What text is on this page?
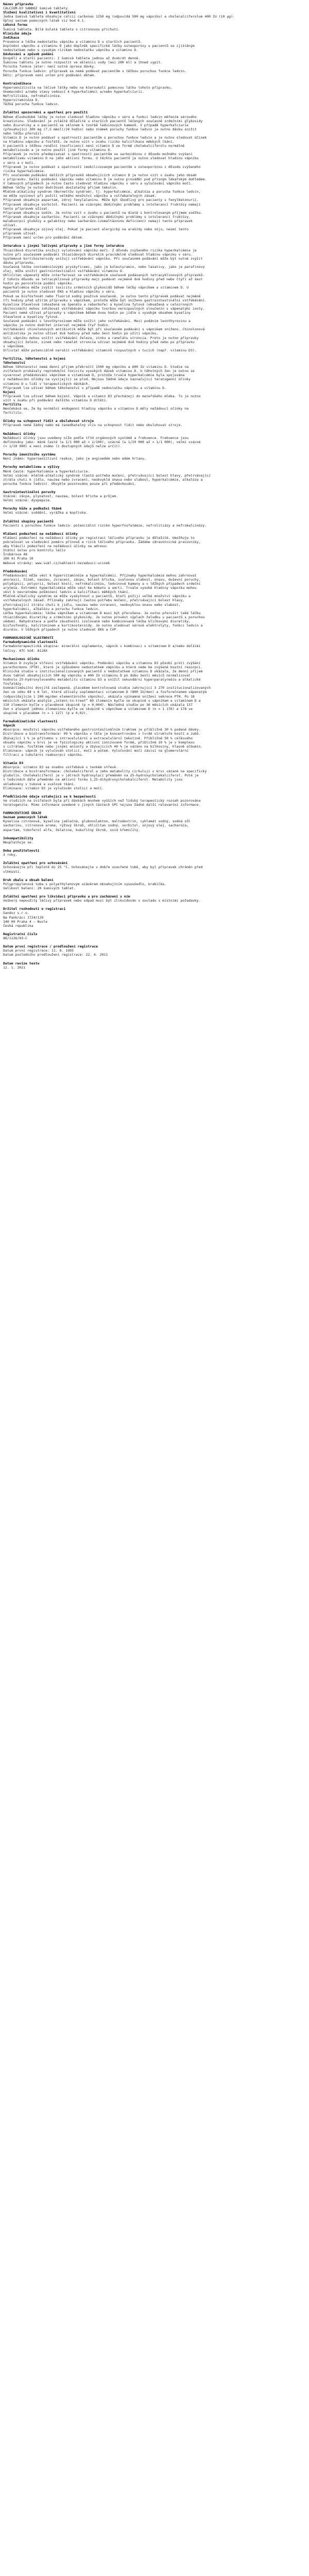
Název přípravku
CALCIUM-D3 SANDOZ šumivé tablety
Složení kvalitativní i kvantitativní
Jedna šumivá tableta obsahuje calcii carbonas 1250 mg (odpovídá 500 mg vápníku) a cholecalciferolum 400 IU (10 µg).
Úplný seznam pomocných látek viz bod 6.1.
Léková forma
Šumivá tableta. Bílá kulatá tableta s citronovou příchutí.
Klinické údaje
Indikace
Prevence a léčba nedostatku vápníku a vitaminu D u starších pacientů.
Doplnění vápníku a vitaminu D jako doplněk specifické léčby osteoporózy u pacientů se zjištěným
nedostatkem nebo s vysokým rizikem nedostatku vápníku a vitaminu D.
Dávkování a způsob podání
Dospělí a starší pacienti: 1 šumivá tableta jednou až dvakrát denně.
Šumivou tabletu je nutno rozpustit ve sklenici vody (asi 200 ml) a ihned vypít.
Porucha funkce jater: není nutná úprava dávky.
Porucha funkce ledvin: přípravek se nemá podávat pacientům s těžkou poruchou funkce ledvin.
Děti: přípravek není určen pro podávání dětem.
Kontraindikace
Hypersenzitivita na léčivé látky nebo na kteroukoli pomocnou látku tohoto přípravku.
Onemocnění a/nebo stavy vedoucí k hyperkalcémii a/nebo hyperkalciurii.
Nefrolitiáza, nefrokalcinóza.
Hypervitaminóza D.
Těžká porucha funkce ledvin.
Zvláštní upozornění a opatření pro použití
Během dlouhodobé léčby je nutno sledovat hladinu vápníku v séru a funkci ledvin měřením sérového
kreatininu. Sledování je zvláště důležité u starších pacientů léčených současně srdečními glykosidy
nebo diuretiky a u pacientů se sklonem k tvorbě ledvinových kamenů. V případě hyperkalciurie
(přesahující 300 mg (7,5 mmol)/24 hodin) nebo známek poruchy funkce ledvin je nutno dávku snížit
nebo léčbu přerušit.
Vitamin D je nutno podávat s opatrností pacientům s poruchou funkce ledvin a je nutno sledovat účinek
na hladinu vápníku a fosfátů. Je nutno vzít v úvahu riziko kalcifikace měkkých tkání.
U pacientů s těžkou renální insuficiencí není vitamin D ve formě cholekalciferolu normálně
metabolizován a je nutno použít jiné formy vitaminu D.
Přípravek je nutno předepisovat s opatrností pacientům se sarkoidózou z důvodu možného zvýšení
metabolismu vitaminu D na jeho aktivní formu. U těchto pacientů je nutno sledovat hladinu vápníku
v séru a v moči.
Přípravek je nutno podávat s opatrností imobilizovaným pacientům s osteoporózou z důvodu zvýšeného
rizika hyperkalcémie.
Při současném podávání dalších přípravků obsahujících vitamin D je nutno vzít v úvahu jeho obsah
v přípravku. Další podávání vápníku nebo vitaminu D je nutno provádět pod přísným lékařským dohledem.
V takových případech je nutno často sledovat hladinu vápníku v séru a vylučování vápníku močí.
Během léčby je nutno dodržovat dostatečný příjem tekutin.
Mléčně-alkalický syndrom (Burnettův syndrom), tj. hyperkalcémie, alkalóza a porucha funkce ledvin,
se může vyvinout při požití velkého množství vápníku a vstřebatelných zásad.
Přípravek obsahuje aspartam, zdroj fenylalaninu. Může být škodlivý pro pacienty s fenylketonurií.
Přípravek obsahuje sorbitol. Pacienti se vzácnými dědičnými problémy s intolerancí fruktózy nemají
tento přípravek užívat.
Přípravek obsahuje sodík. Je nutno vzít v úvahu u pacientů na dietě s kontrolovaným příjmem sodíku.
Přípravek obsahuje sacharózu. Pacienti se vzácnými dědičnými problémy s intolerancí fruktózy,
malabsorpcí glukózy a galaktózy nebo sacharázo-izomaltázovou deficiencí nemají tento přípravek
užívat.
Přípravek obsahuje sójový olej. Pokud je pacient alergický na arašídy nebo sóju, nesmí tento
přípravek užívat.
Přípravek není určen pro podávání dětem.
Interakce s jinými léčivými přípravky a jiné formy interakce
Thiazidová diuretika snižují vylučování vápníku močí. Z důvodu zvýšeného rizika hyperkalcémie je
nutno při současném podávání thiazidových diuretik pravidelně sledovat hladinu vápníku v séru.
Systémové kortikosteroidy snižují vstřebávání vápníku. Při současném podávání může být nutné zvýšit
dávku přípravku.
Současná léčba iontoměničovými pryskyřicemi, jako je kolestyramin, nebo laxativy, jako je parafinový
olej, může snížit gastrointestinální vstřebávání vitaminu D.
Uhličitan vápenatý může interferovat se vstřebáváním současně podávaných tetracyklinových přípravků.
Z tohoto důvodu se tetracyklinové přípravky mají podávat nejméně dvě hodiny před nebo čtyři až šest
hodin po perorálním podání vápníku.
Hyperkalcémie může zvýšit toxicitu srdečních glykosidů během léčby vápníkem a vitaminem D. U
pacientů je nutno sledovat EKG a hladinu vápníku v séru.
Pokud se bisfosfonát nebo fluorid sodný používá současně, je nutno tento přípravek podávat nejméně
tři hodiny před užitím přípravku s vápníkem, protože může být sníženo gastrointestinální vstřebávání.
Kyselina šťavelová (obsažená ve špenátu a rebarboře) a kyselina fytová (obsažená v celozrnných
obilovinách) mohou inhibovat vstřebávání vápníku tvorbou nerozpustných sloučenin s vápenatými ionty.
Pacient nemá užívat přípravky s vápníkem během dvou hodin po jídle s vysokým obsahem kyseliny
šťavelové a kyseliny fytové.
Současné podávání s levothyroxinem může snížit jeho vstřebávání. Mezi podáním levothyroxinu a
vápníku je nutno dodržet interval nejméně čtyř hodin.
Vstřebávání chinolonových antibiotik může být při současném podávání s vápníkem sníženo. Chinolonová
antibiotika je nutno užívat dvě hodiny před nebo šest hodin po užití vápníku.
Soli vápníku mohou snížit vstřebávání železa, zinku a ranelátu stroncia. Proto je nutno přípravky
obsahující železo, zinek nebo ranelát stroncia užívat nejméně dvě hodiny před nebo po přípravku
s vápníkem.
Orlistat může potenciálně narušit vstřebávání vitaminů rozpustných v tucích (např. vitaminu D3).
Fertilita, těhotenství a kojení
Těhotenství
Během těhotenství nemá denní příjem překročit 1500 mg vápníku a 600 IU vitaminu D. Studie na
zvířatech prokázaly reprodukční toxicitu vysokých dávek vitaminu D. U těhotných žen je nutno se
vyvarovat předávkování vápníkem a vitaminem D, protože trvalá hyperkalcémie byla spojována
s nežádoucími účinky na vyvíjející se plod. Nejsou žádné údaje naznačující teratogenní účinky
vitaminu D u lidí v terapeutických dávkách.
Přípravek lze užívat během těhotenství v případě nedostatku vápníku a vitaminu D.
Kojení
Přípravek lze užívat během kojení. Vápník a vitamin D3 přecházejí do mateřského mléka. To je nutno
vzít v úvahu při podávání dalšího vitaminu D dítěti.
Fertilita
Neočekává se, že by normální endogenní hladiny vápníku a vitaminu D měly nežádoucí účinky na
fertilitu.
Účinky na schopnost řídit a obsluhovat stroje
Přípravek nemá žádný nebo má zanedbatelný vliv na schopnost řídit nebo obsluhovat stroje.
Nežádoucí účinky
Nežádoucí účinky jsou uvedeny níže podle tříd orgánových systémů a frekvence. Frekvence jsou
definovány jako: méně časté (≥ 1/1 000 až < 1/100), vzácné (≥ 1/10 000 až < 1/1 000), velmi vzácné
(< 1/10 000) a není známo (z dostupných údajů nelze určit).
Poruchy imunitního systému
Není známo: hypersenzitivní reakce, jako je angioedém nebo edém hrtanu.
Poruchy metabolismu a výživy
Méně časté: hyperkalcémie a hyperkalciurie.
Velmi vzácné: mléčně-alkalický syndrom (častá potřeba močení, přetrvávající bolest hlavy, přetrvávající
ztráta chuti k jídlu, nauzea nebo zvracení, neobvyklá únava nebo slabost, hyperkalcémie, alkalóza a
porucha funkce ledvin). Obvykle pozorováno pouze při předávkování.
Gastrointestinální poruchy
Vzácné: zácpa, plynatost, nauzea, bolest břicha a průjem.
Velmi vzácné: dyspepsie.
Poruchy kůže a podkožní tkáně
Velmi vzácné: svědění, vyrážka a kopřivka.
Zvláštní skupiny pacientů
Pacienti s poruchou funkce ledvin: potenciální riziko hyperfosfatémie, nefrolitiázy a nefrokalcinózy.
Hlášení podezření na nežádoucí účinky
Hlášení podezření na nežádoucí účinky po registraci léčivého přípravku je důležité. Umožňuje to
pokračovat ve sledování poměru přínosů a rizik léčivého přípravku. Žádáme zdravotnické pracovníky,
aby hlásili podezření na nežádoucí účinky na adresu:
Státní ústav pro kontrolu léčiv
Šrobárova 48
100 41 Praha 10
Webové stránky: www.sukl.cz/nahlasit-nezadouci-ucinek
Předávkování
Předávkování může vést k hypervitaminóze a hyperkalcémii. Příznaky hyperkalcémie mohou zahrnovat
anorexii, žízeň, nauzeu, zvracení, zácpu, bolest břicha, svalovou slabost, únavu, duševní poruchy,
polydipsii, polyurii, bolest kostí, nefrokalcinózu, ledvinové kameny a v těžkých případech srdeční
arytmie. Extrémní hyperkalcémie může vést ke kómatu a smrti. Trvale vysoké hladiny vápníku mohou
vést k nevratnému poškození ledvin a kalcifikaci měkkých tkání.
Mléčně-alkalický syndrom se může vyskytnout u pacientů, kteří požijí velké množství vápníku a
vstřebatelných zásad. Příznaky zahrnují častou potřebu močení, přetrvávající bolest hlavy,
přetrvávající ztrátu chuti k jídlu, nauzeu nebo zvracení, neobvyklou únavu nebo slabost,
hyperkalcémii, alkalózu a poruchu funkce ledvin.
Léčba hyperkalcémie: léčba vápníkem a vitaminem D musí být přerušena. Je nutno přerušit také léčbu
thiazidovými diuretiky a srdečními glykosidy. Je nutno provést výplach žaludku u pacientů s poruchou
vědomí. Rehydratace a podle závažnosti izolovaná nebo kombinovaná léčba kličkovými diuretiky,
bisfosfonáty, kalcitoninem a kortikosteroidy. Je nutno sledovat sérové elektrolyty, funkci ledvin a
diurézu. V těžkých případech je nutno sledovat EKG a CVP.
FARMAKOLOGICKÉ VLASTNOSTI
Farmakodynamické vlastnosti
Farmakoterapeutická skupina: minerální suplementa, vápník v kombinaci s vitaminem D a/nebo dalšími
léčivy. ATC kód: A12AX
Mechanismus účinku
Vitamin D zvyšuje střevní vstřebávání vápníku. Podávání vápníku a vitaminu D3 působí proti zvýšení
parathormonu (PTH), které je způsobeno nedostatkem vápníku a které vede ke zvýšené kostní resorpci.
Klinická studie u institucionalizovaných pacientů s nedostatkem vitaminu D ukázala, že denní příjem
dvou tablet obsahujících 500 mg vápníku a 400 IU vitaminu D po dobu šesti měsíců normalizoval
hodnotu 25-hydroxylovaného metabolitu vitaminu D3 a snížil sekundární hyperparatyreózu a alkalické
fosfatázy.
Osmnáctiměsíční dvojitě zaslepená, placebem kontrolovaná studie zahrnující 3 270 institucionalizovaných
žen ve věku 84 ± 6 let, které užívaly suplementaci vitaminem D (800 IU/den) a fosforečnanem vápenatým
(odpovídajícím 1 200 mg/den elementárního vápníku), ukázala významné snížení sekrece PTH. Po 18
měsících ukázala analýza „intent-to-treat“ 80 zlomenin kyčle ve skupině s vápníkem a vitaminem D a
110 zlomenin kyčle v placebové skupině (p = 0,004). Následná studie po 36 měsících ukázala 137
žen s alespoň jednou zlomeninou kyčle ve skupině s vápníkem a vitaminem D (n = 1 176) a 178 ve
skupině s placebem (n = 1 127) (p ≤ 0,02).
Farmakokinetické vlastnosti
Vápník
Absorpce: množství vápníku vstřebaného gastrointestinálním traktem je přibližně 30 % podané dávky.
Distribuce a biotransformace: 99 % vápníku v těle je koncentrováno v tvrdé struktuře kostí a zubů.
Zbývající 1 % je přítomno v intracelulární a extracelulární tekutině. Přibližně 50 % celkového
obsahu vápníku v krvi je ve fyziologicky aktivní ionizované formě, přibližně 10 % je v komplexu
s citrátem, fosfátem nebo jinými anionty a zbývajících 40 % je vázáno na bílkoviny, hlavně albumin.
Eliminace: vápník je vylučován stolicí, močí a potem. Vylučování močí závisí na glomerulární
filtraci a tubulární reabsorpci vápníku.
Vitamin D3
Absorpce: vitamin D3 se snadno vstřebává v tenkém střevě.
Distribuce a biotransformace: cholekalciferol a jeho metabolity cirkulují v krvi vázané na specifický
globulin. Cholekalciferol je v játrech hydroxylací přeměněn na 25-hydroxycholekalciferol. Poté je
v ledvinách dále přeměněn na aktivní formu 1,25-dihydroxycholekalciferol. Metabolity jsou
skladovány v tukové a svalové tkáni.
Eliminace: vitamin D3 je vylučován stolicí a močí.
Předklinické údaje vztahující se k bezpečnosti
Ve studiích na zvířatech byla při dávkách mnohem vyšších než lidský terapeutický rozsah pozorována
teratogenita. Mimo informace uvedené v jiných částech SPC nejsou žádné další relevantní informace.
FARMACEUTICKÉ ÚDAJE
Seznam pomocných látek
Kyselina citronová, kyselina jablečná, glukonolakton, maltodextrin, cyklamát sodný, sodná sůl
sacharinu, citronové aroma, rýžový škrob, uhličitan sodný, sorbitol, sójový olej, sacharóza,
aspartam, tokoferol alfa, želatina, kukuřičný škrob, oxid křemičitý.
Inkompatibility
Neuplatňuje se.
Doba použitelnosti
3 roky.
Zvláštní opatření pro uchovávání
Uchovávejte při teplotě do 25 °C. Uchovávejte v dobře uzavřené tubě, aby byl přípravek chráněn před
vlhkostí.
Druh obalu a obsah balení
Polypropylenová tuba s polyethylenovým uzávěrem obsahujícím vysoušedlo, krabička.
Velikost balení: 20 šumivých tablet.
Zvláštní opatření pro likvidaci přípravku a pro zacházení s ním
Veškerý nepoužitý léčivý přípravek nebo odpad musí být zlikvidován v souladu s místními požadavky.
Držitel rozhodnutí o registraci
Sandoz s.r.o.
Na Pankráci 1724/129
140 00 Praha 4 – Nusle
Česká republika
Registrační číslo
86/1126/93-C
Datum první registrace / prodloužení registrace
Datum první registrace: 11. 8. 1993
Datum posledního prodloužení registrace: 22. 6. 2011
Datum revize textu
12. 1. 2021
